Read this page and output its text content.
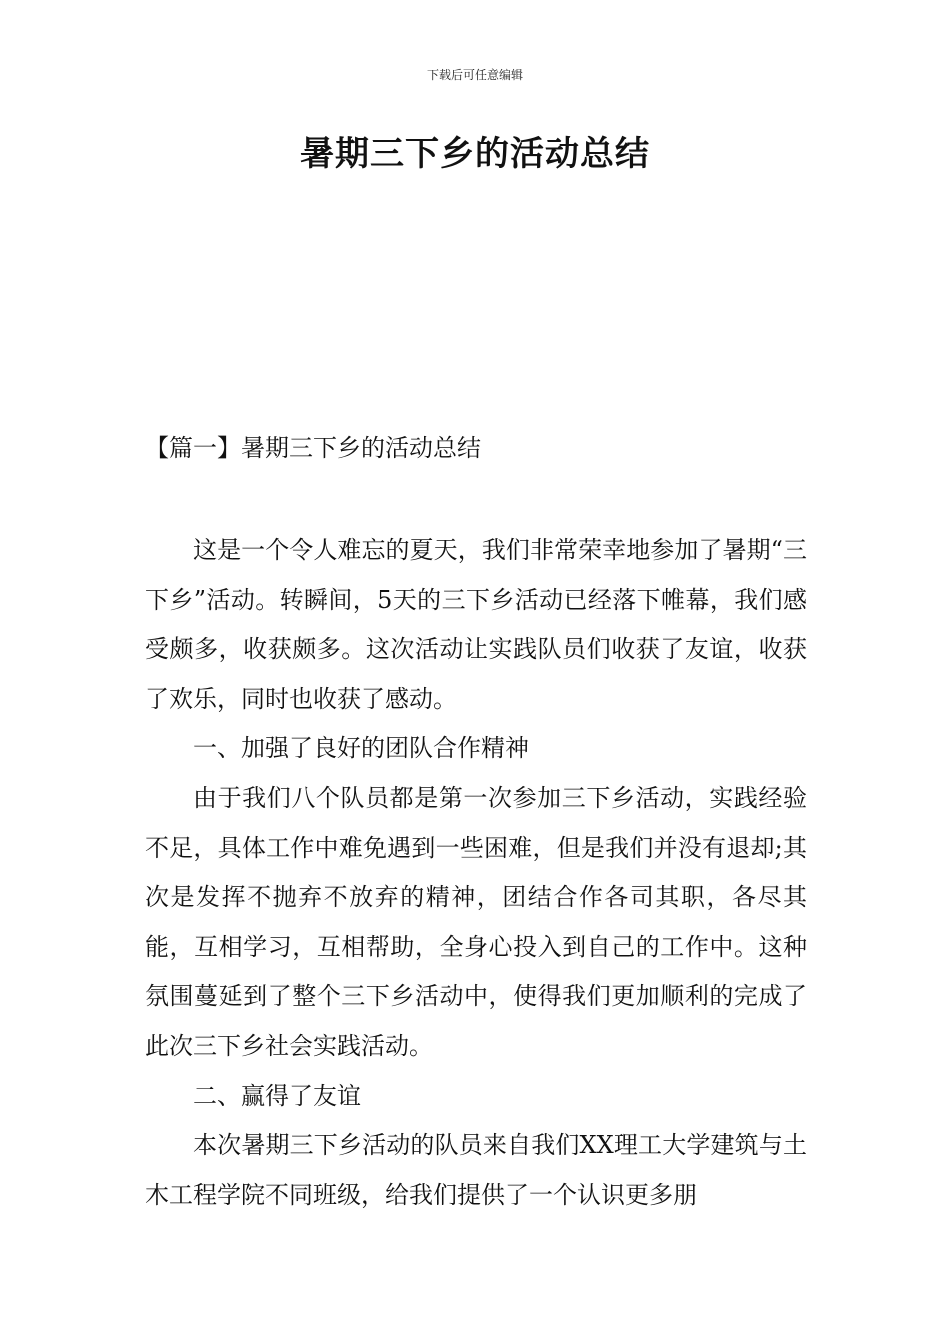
下载后可任意编辑
暑期三下乡的活动总结
【篇一】暑期三下乡的活动总结

这是一个令人难忘的夏天，我们非常荣幸地参加了暑期“三下乡”活动。转瞬间，5天的三下乡活动已经落下帷幕，我们感受颇多，收获颇多。这次活动让实践队员们收获了友谊，收获了欢乐，同时也收获了感动。

一、加强了良好的团队合作精神

由于我们八个队员都是第一次参加三下乡活动，实践经验不足，具体工作中难免遇到一些困难，但是我们并没有退却;其次是发挥不抛弃不放弃的精神，团结合作各司其职，各尽其能，互相学习，互相帮助，全身心投入到自己的工作中。这种氛围蔓延到了整个三下乡活动中，使得我们更加顺利的完成了此次三下乡社会实践活动。

二、赢得了友谊

本次暑期三下乡活动的队员来自我们XX理工大学建筑与土木工程学院不同班级，给我们提供了一个认识更多朋
